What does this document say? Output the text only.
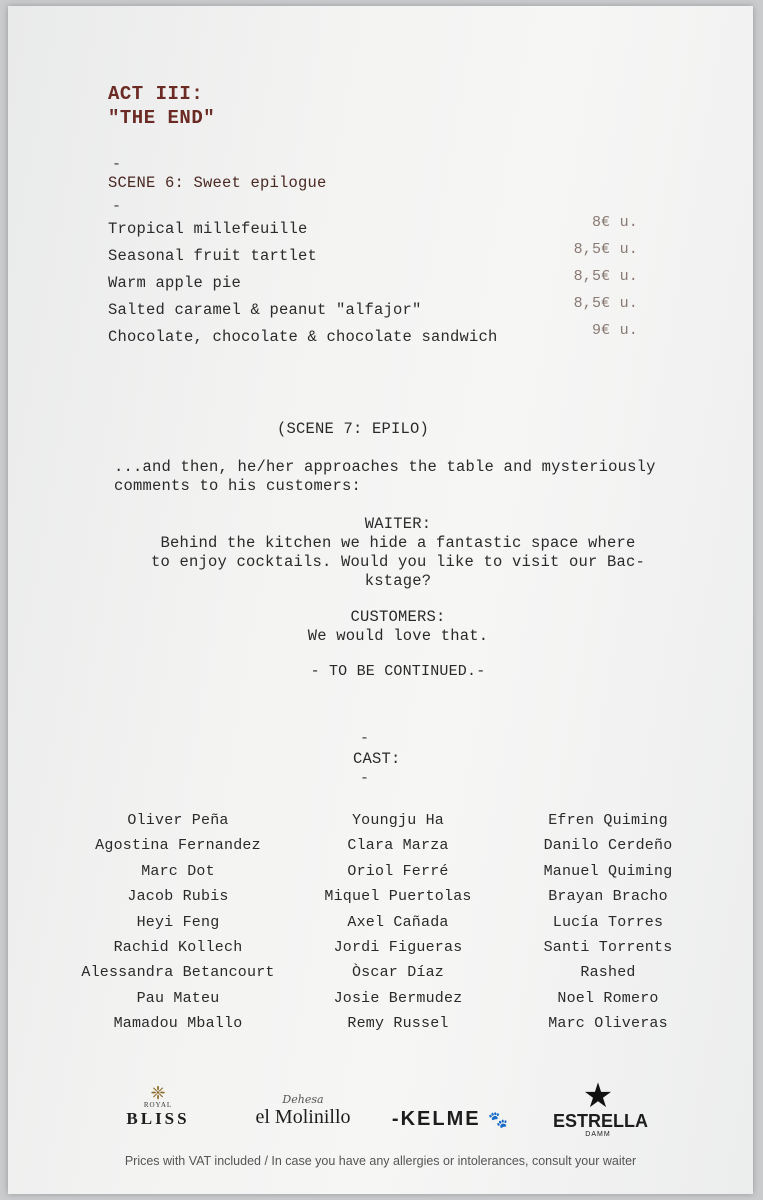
ACT III:
"THE END"
-
SCENE 6: Sweet epilogue
-
Tropical millefeuille	8€ u.
Seasonal fruit tartlet	8,5€ u.
Warm apple pie	8,5€ u.
Salted caramel & peanut "alfajor"	8,5€ u.
Chocolate, chocolate & chocolate sandwich	9€ u.
(SCENE 7: EPILO)
...and then, he/her approaches the table and mysteriously comments to his customers:
WAITER:
Behind the kitchen we hide a fantastic space where
to enjoy cocktails. Would you like to visit our Bac-
kstage?
CUSTOMERS:
We would love that.
- TO BE CONTINUED.-
-
CAST:
-
Oliver Peña
Agostina Fernandez
Marc Dot
Jacob Rubis
Heyi Feng
Rachid Kollech
Alessandra Betancourt
Pau Mateu
Mamadou Mballo
Youngju Ha
Clara Marza
Oriol Ferré
Miquel Puertolas
Axel Cañada
Jordi Figueras
Òscar Díaz
Josie Bermudez
Remy Russel
Efren Quiming
Danilo Cerdeño
Manuel Quiming
Brayan Bracho
Lucía Torres
Santi Torrents
Rashed
Noel Romero
Marc Oliveras
❈
ROYAL
BLISS
Dehesa
el Molinillo	-KELME 🐾
★
ESTRELLA
DAMM
Prices with VAT included / In case you have any allergies or intolerances, consult your waiter
